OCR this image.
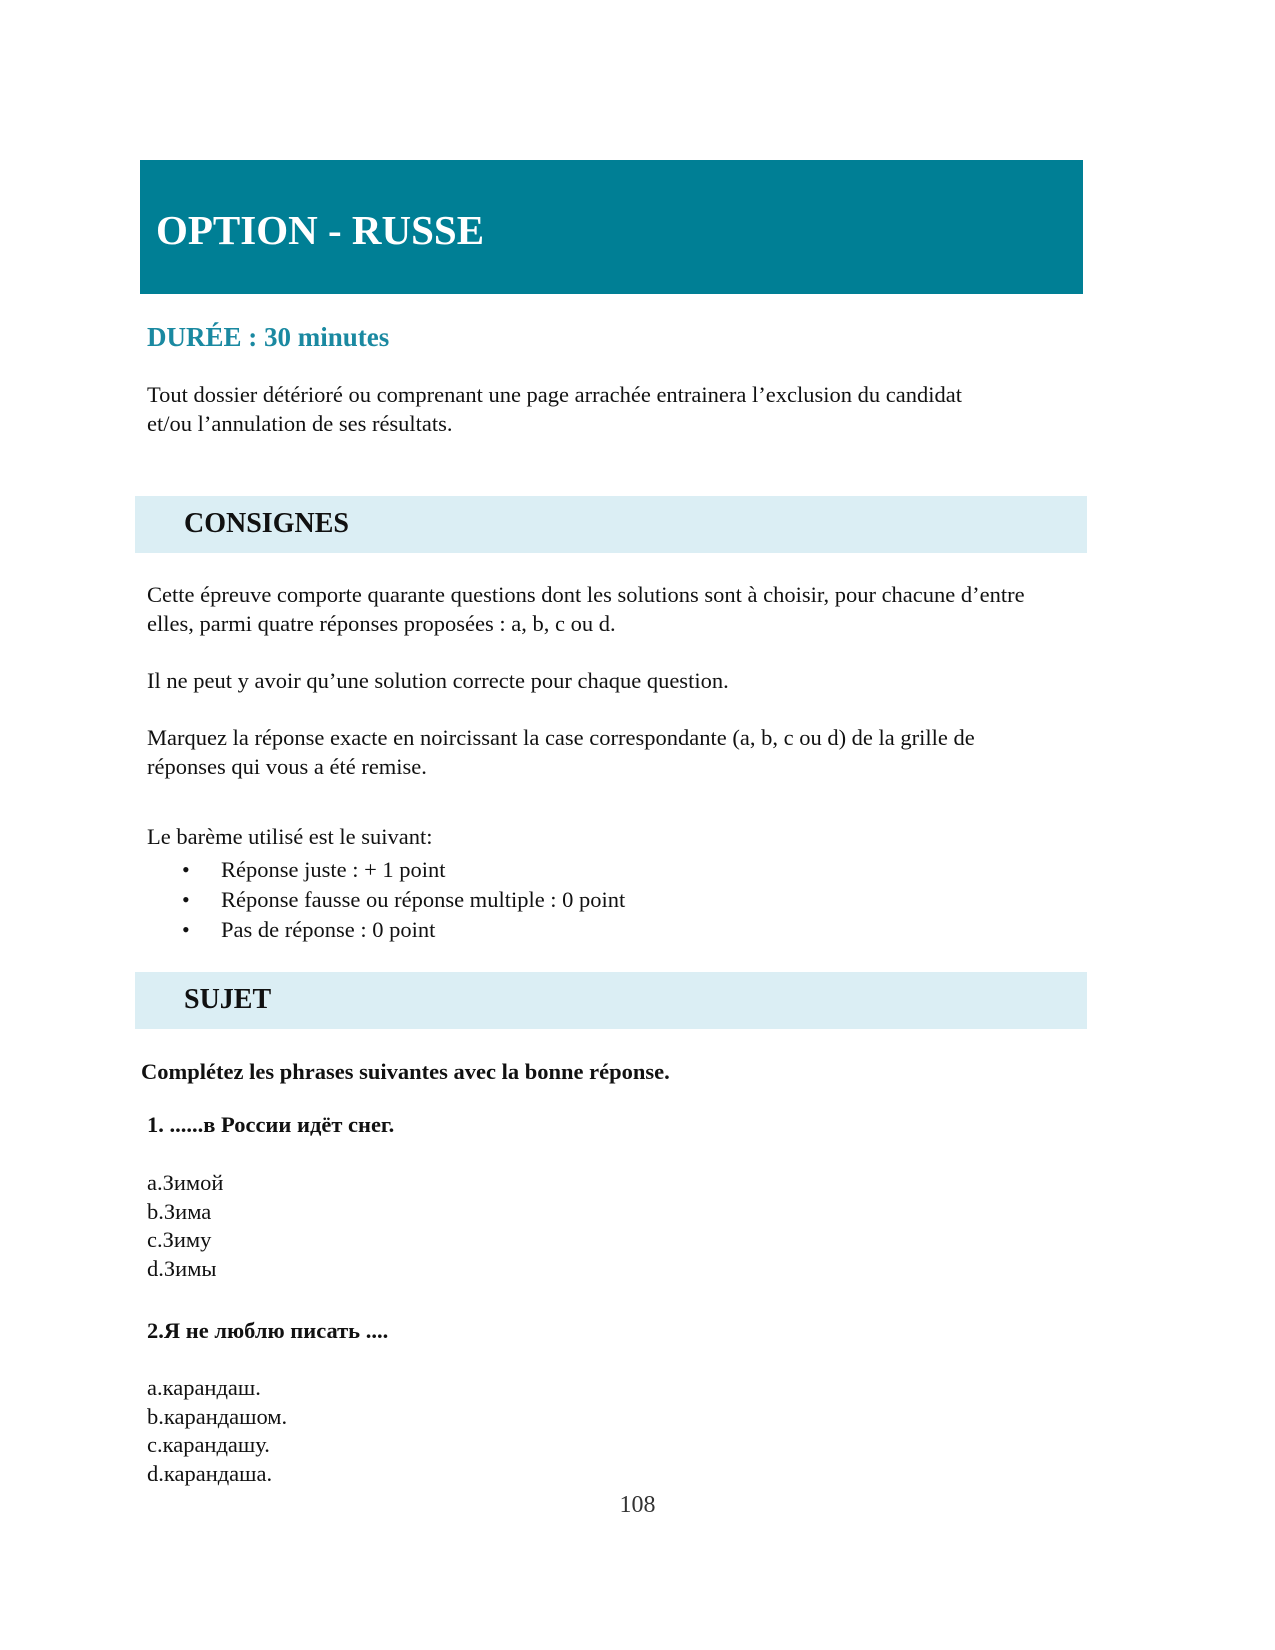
OPTION - RUSSE

DURÉE : 30 minutes

Tout dossier détérioré ou comprenant une page arrachée entrainera l’exclusion du candidat

et/ou l’annulation de ses résultats.

CONSIGNES

Cette épreuve comporte quarante questions dont les solutions sont à choisir, pour chacune d’entre

elles, parmi quatre réponses proposées : a, b, c ou d.

Il ne peut y avoir qu’une solution correcte pour chaque question.

Marquez la réponse exacte en noircissant la case correspondante (a, b, c ou d) de la grille de

réponses qui vous a été remise.

Le barème utilisé est le suivant:

• Réponse juste : + 1 point
• Réponse fausse ou réponse multiple : 0 point
• Pas de réponse : 0 point
SUJET

Complétez les phrases suivantes avec la bonne réponse.

1. ......в России идёт снег.

a.Зимой
b.Зима
c.Зиму
d.Зимы

2.Я не люблю писать ....

a.карандаш.
b.карандашом.
c.карандашу.
d.карандаша.
108
